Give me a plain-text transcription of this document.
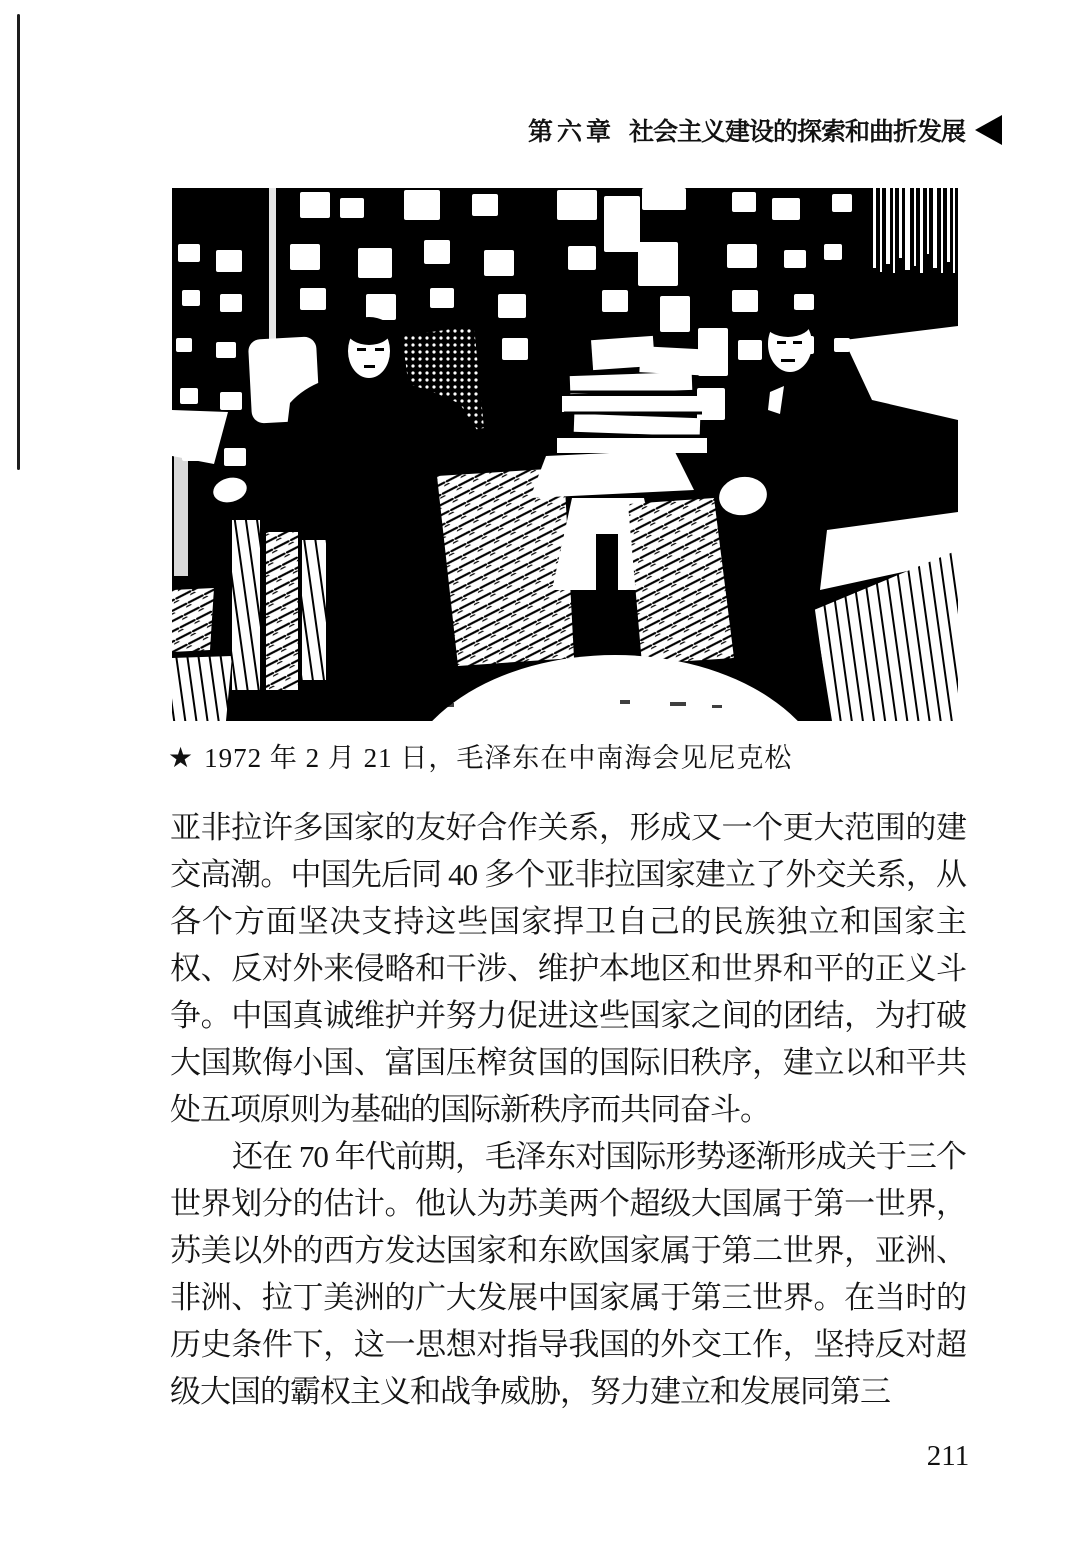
第六章 社会主义建设的探索和曲折发展
★ 1972 年 2 月 21 日，毛泽东在中南海会见尼克松

亚非拉许多国家的友好合作关系，形成又一个更大范围的建交高潮。中国先后同 40 多个亚非拉国家建立了外交关系，从各个方面坚决支持这些国家捍卫自己的民族独立和国家主权、反对外来侵略和干涉、维护本地区和世界和平的正义斗争。中国真诚维护并努力促进这些国家之间的团结，为打破大国欺侮小国、富国压榨贫国的国际旧秩序，建立以和平共处五项原则为基础的国际新秩序而共同奋斗。

还在 70 年代前期，毛泽东对国际形势逐渐形成关于三个世界划分的估计。他认为苏美两个超级大国属于第一世界，苏美以外的西方发达国家和东欧国家属于第二世界，亚洲、非洲、拉丁美洲的广大发展中国家属于第三世界。在当时的历史条件下，这一思想对指导我国的外交工作，坚持反对超级大国的霸权主义和战争威胁，努力建立和发展同第三

211
